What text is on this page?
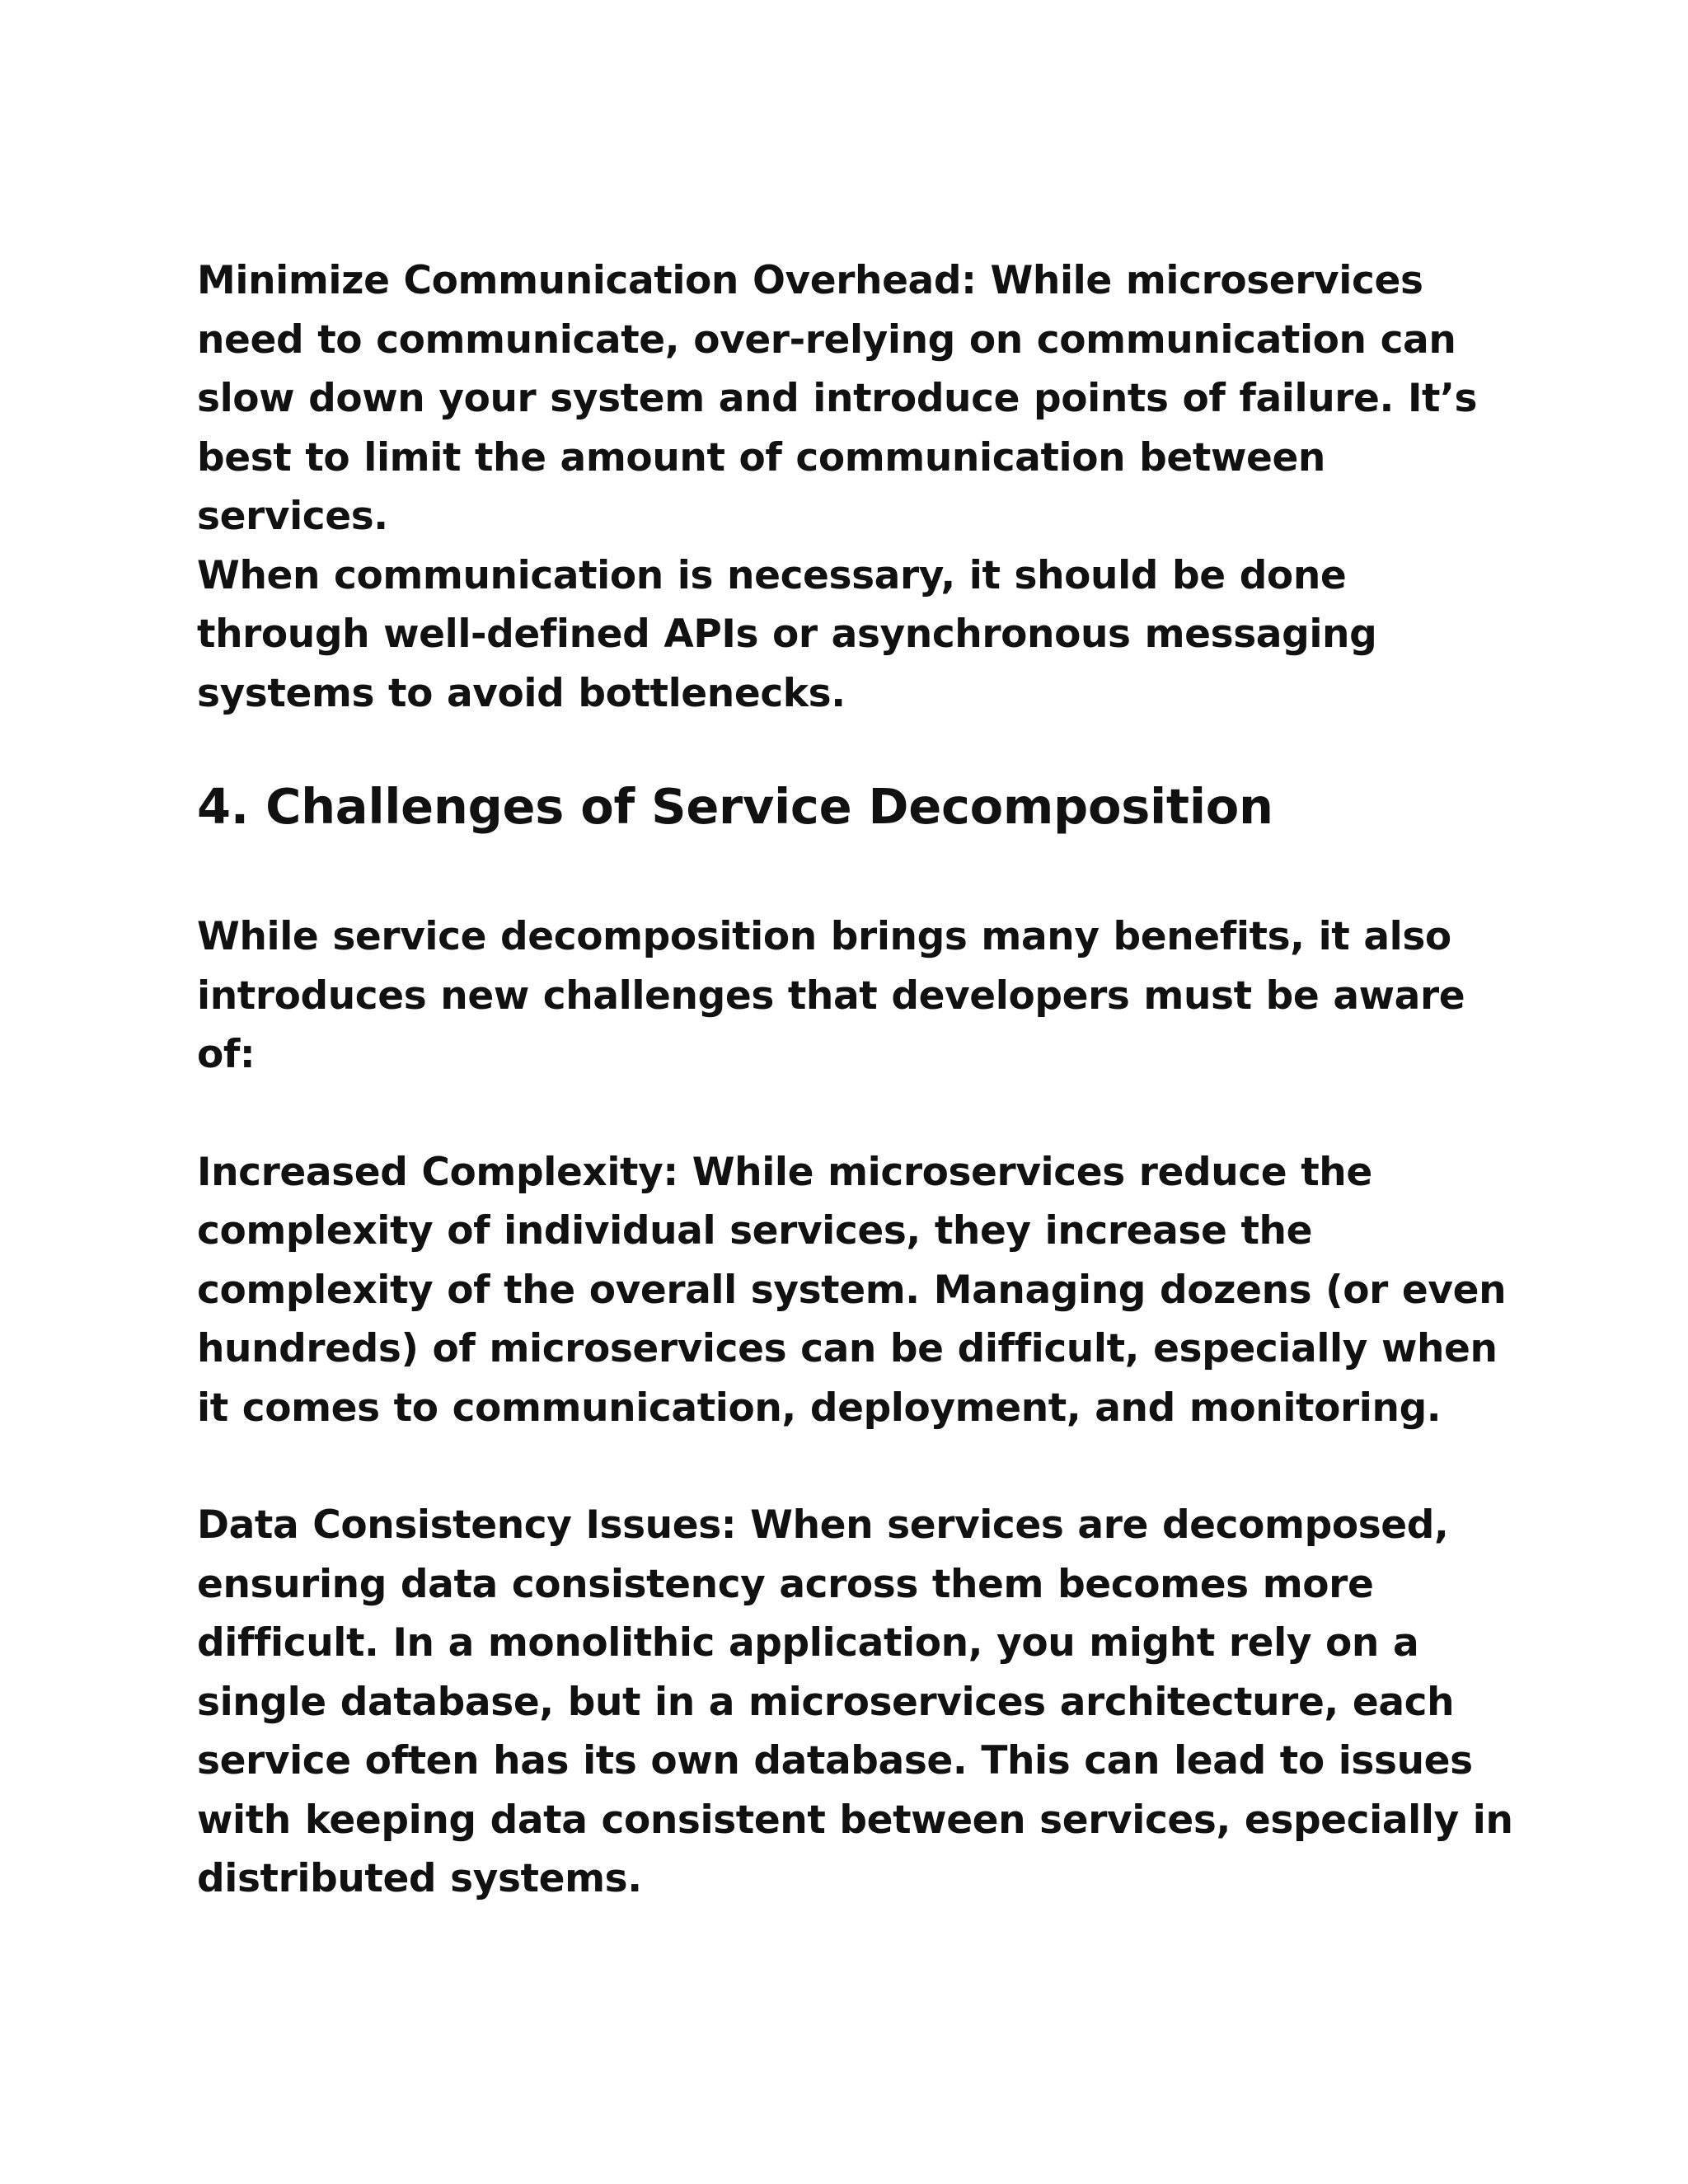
Minimize Communication Overhead: While microservices
need to communicate, over-relying on communication can
slow down your system and introduce points of failure. It’s
best to limit the amount of communication between services.
When communication is necessary, it should be done
through well-defined APIs or asynchronous messaging
systems to avoid bottlenecks.

4. Challenges of Service Decomposition

While service decomposition brings many benefits, it also
introduces new challenges that developers must be aware of:

Increased Complexity: While microservices reduce the
complexity of individual services, they increase the
complexity of the overall system. Managing dozens (or even
hundreds) of microservices can be difficult, especially when
it comes to communication, deployment, and monitoring.

Data Consistency Issues: When services are decomposed,
ensuring data consistency across them becomes more
difficult. In a monolithic application, you might rely on a
single database, but in a microservices architecture, each
service often has its own database. This can lead to issues
with keeping data consistent between services, especially in
distributed systems.
